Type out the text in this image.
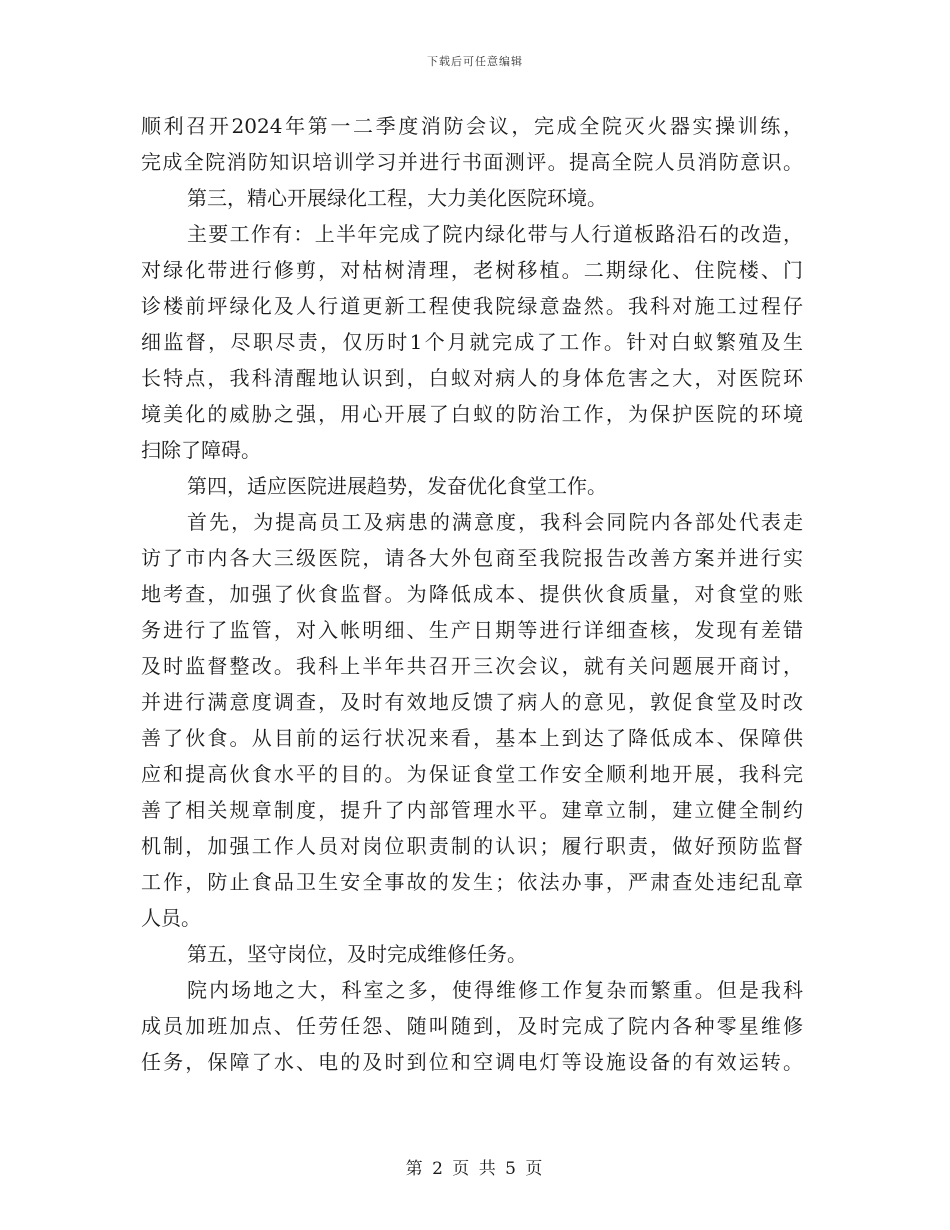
下载后可任意编辑
顺利召开2024年第一二季度消防会议，完成全院灭火器实操训练，
完成全院消防知识培训学习并进行书面测评。提高全院人员消防意识。
第三，精心开展绿化工程，大力美化医院环境。
主要工作有：上半年完成了院内绿化带与人行道板路沿石的改造，
对绿化带进行修剪，对枯树清理，老树移植。二期绿化、住院楼、门
诊楼前坪绿化及人行道更新工程使我院绿意盎然。我科对施工过程仔
细监督，尽职尽责，仅历时1个月就完成了工作。针对白蚁繁殖及生
长特点，我科清醒地认识到，白蚁对病人的身体危害之大，对医院环
境美化的威胁之强，用心开展了白蚁的防治工作，为保护医院的环境
扫除了障碍。
第四，适应医院进展趋势，发奋优化食堂工作。
首先，为提高员工及病患的满意度，我科会同院内各部处代表走
访了市内各大三级医院，请各大外包商至我院报告改善方案并进行实
地考查，加强了伙食监督。为降低成本、提供伙食质量，对食堂的账
务进行了监管，对入帐明细、生产日期等进行详细查核，发现有差错
及时监督整改。我科上半年共召开三次会议，就有关问题展开商讨，
并进行满意度调查，及时有效地反馈了病人的意见，敦促食堂及时改
善了伙食。从目前的运行状况来看，基本上到达了降低成本、保障供
应和提高伙食水平的目的。为保证食堂工作安全顺利地开展，我科完
善了相关规章制度，提升了内部管理水平。建章立制，建立健全制约
机制，加强工作人员对岗位职责制的认识；履行职责，做好预防监督
工作，防止食品卫生安全事故的发生；依法办事，严肃查处违纪乱章
人员。
第五，坚守岗位，及时完成维修任务。
院内场地之大，科室之多，使得维修工作复杂而繁重。但是我科
成员加班加点、任劳任怨、随叫随到，及时完成了院内各种零星维修
任务，保障了水、电的及时到位和空调电灯等设施设备的有效运转。
第 2 页 共 5 页
